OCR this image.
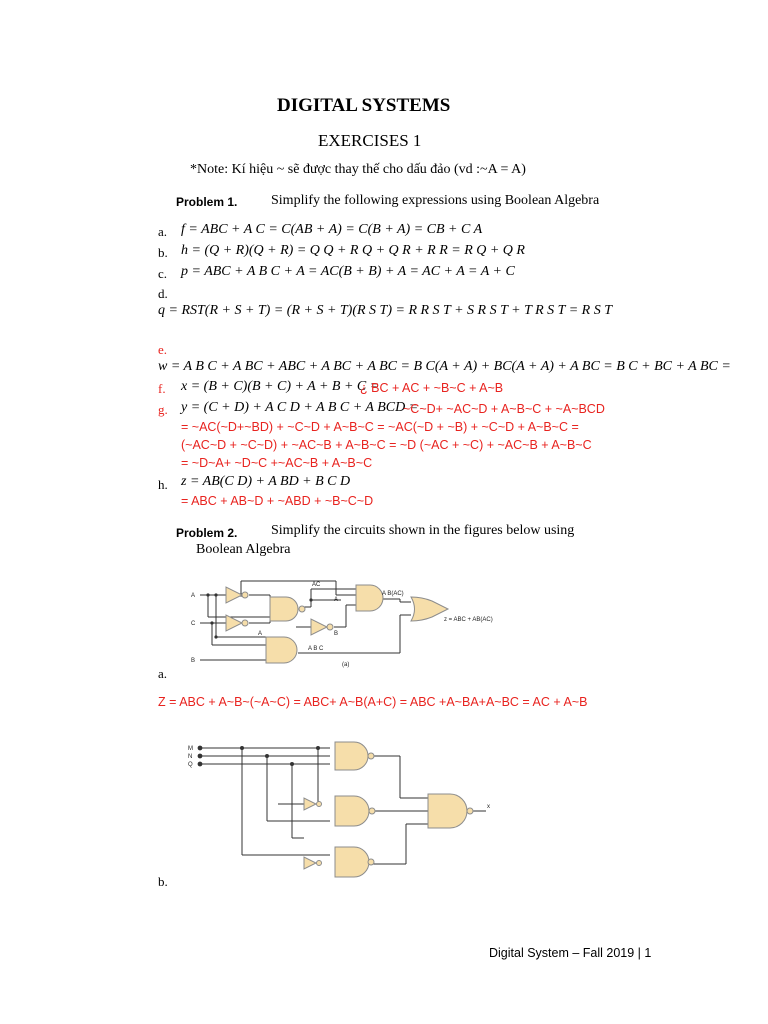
DIGITAL SYSTEMS
EXERCISES 1
*Note: Kí hiệu ~ sẽ được thay thế cho dấu đảo (vd :~A = A)
Problem 1. Simplify the following expressions using Boolean Algebra
a. f = ABC + A C = C(AB + A) = C(B + A) = CB + C A
b. h = (Q + R)(Q + R) = Q Q + R Q + Q R + R R = R Q + Q R
c. p = ABC + A B C + A = AC(B + B) + A = AC + A = A + C
d.
q = RST(R + S + T) = (R + S + T)(R S T) = R R S T + S R S T + T R S T = R S T
e.
w = A B C + A BC + ABC + A BC + A BC = B C(A + A) + BC(A + A) + A BC = B C + BC + A BC =
f. x = (B + C)(B + C) + A + B + C =
¿ BC + AC + ~B~C + A~B
g. y = (C + D) + A C D + A B C + A BCD =
~C~D+ ~AC~D + A~B~C + ~A~BCD
= ~AC(~D+~BD) + ~C~D + A~B~C = ~AC(~D + ~B) + ~C~D + A~B~C =
(~AC~D + ~C~D) + ~AC~B + A~B~C = ~D (~AC + ~C) + ~AC~B + A~B~C
= ~D~A+ ~D~C +~AC~B + A~B~C
h. z = AB(C D) + A BD + B C D
= ABC + AB~D + ~ABD + ~B~C~D
Problem 2. Simplify the circuits shown in the figures below using
Boolean Algebra
A
C
B
AC
A
B
A
A B C
A B(AC)
z = ABC + AB(AC)
(a)
a.
Z = ABC + A~B~(~A~C) = ABC+ A~B(A+C) = ABC +A~BA+A~BC = AC + A~B
M
N
Q
x
b.
Digital System – Fall 2019 | 1
